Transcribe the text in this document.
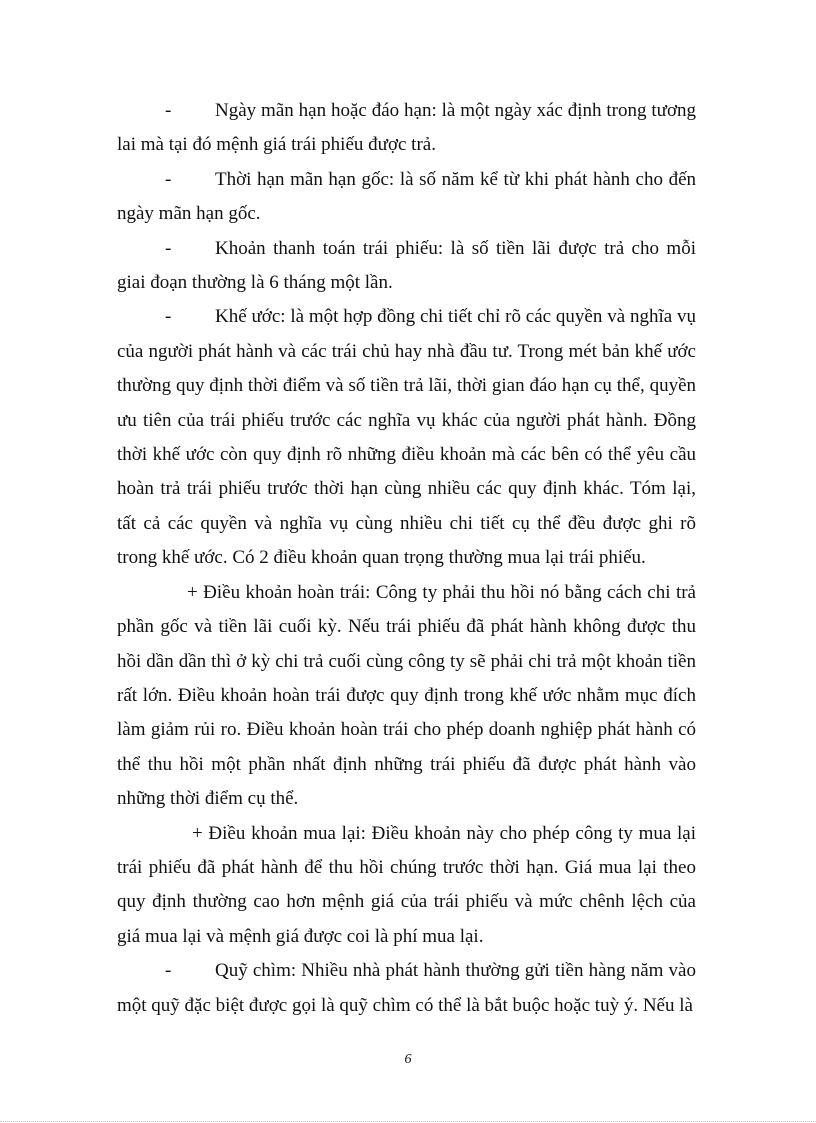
- Ngày mãn hạn hoặc đáo hạn: là một ngày xác định trong tương lai mà tại đó mệnh giá trái phiếu được trả.

- Thời hạn mãn hạn gốc: là số năm kể từ khi phát hành cho đến ngày mãn hạn gốc.

- Khoản thanh toán trái phiếu: là số tiền lãi được trả cho mỗi giai đoạn thường là 6 tháng một lần.

- Khế ước: là một hợp đồng chi tiết chỉ rõ các quyền và nghĩa vụ của người phát hành và các trái chủ hay nhà đầu tư. Trong mét bản khế ước thường quy định thời điểm và số tiền trả lãi, thời gian đáo hạn cụ thể, quyền ưu tiên của trái phiếu trước các nghĩa vụ khác của người phát hành. Đồng thời khế ước còn quy định rõ những điều khoản mà các bên có thể yêu cầu hoàn trả trái phiếu trước thời hạn cùng nhiều các quy định khác. Tóm lại, tất cả các quyền và nghĩa vụ cùng nhiều chi tiết cụ thể đều được ghi rõ trong khế ước. Có 2 điều khoản quan trọng thường mua lại trái phiếu.

+ Điều khoản hoàn trái: Công ty phải thu hồi nó bằng cách chi trả phần gốc và tiền lãi cuối kỳ. Nếu trái phiếu đã phát hành không được thu hồi dần dần thì ở kỳ chi trả cuối cùng công ty sẽ phải chi trả một khoản tiền rất lớn. Điều khoản hoàn trái được quy định trong khế ước nhằm mục đích làm giảm rủi ro. Điều khoản hoàn trái cho phép doanh nghiệp phát hành có thể thu hồi một phần nhất định những trái phiếu đã được phát hành vào những thời điểm cụ thể.

+ Điều khoản mua lại: Điều khoản này cho phép công ty mua lại trái phiếu đã phát hành để thu hồi chúng trước thời hạn. Giá mua lại theo quy định thường cao hơn mệnh giá của trái phiếu và mức chênh lệch của giá mua lại và mệnh giá được coi là phí mua lại.

- Quỹ chìm: Nhiều nhà phát hành thường gửi tiền hàng năm vào một quỹ đặc biệt được gọi là quỹ chìm có thể là bắt buộc hoặc tuỳ ý. Nếu là

6
